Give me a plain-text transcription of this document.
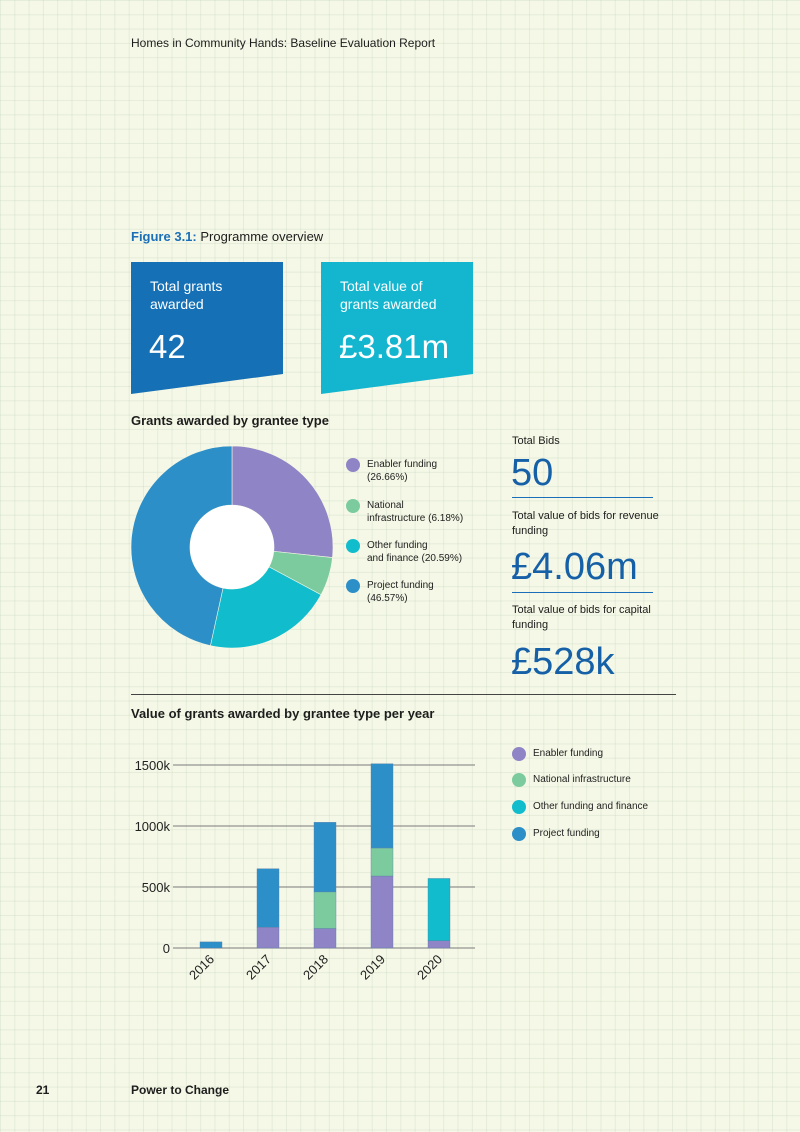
Homes in Community Hands: Baseline Evaluation Report
Figure 3.1: Programme overview
Total grants awarded
42
Total value of grants awarded
£3.81m
Grants awarded by grantee type
Enabler funding
(26.66%)
National
infrastructure (6.18%)
Other funding
and finance (20.59%)
Project funding
(46.57%)
Total Bids
50
Total value of bids for revenue funding
£4.06m
Total value of bids for capital funding
£528k
Value of grants awarded by grantee type per year
0
500k
1000k
1500k
2016 2017 2018 2019 2020
Enabler funding
National infrastructure
Other funding and finance
Project funding
21	Power to Change
